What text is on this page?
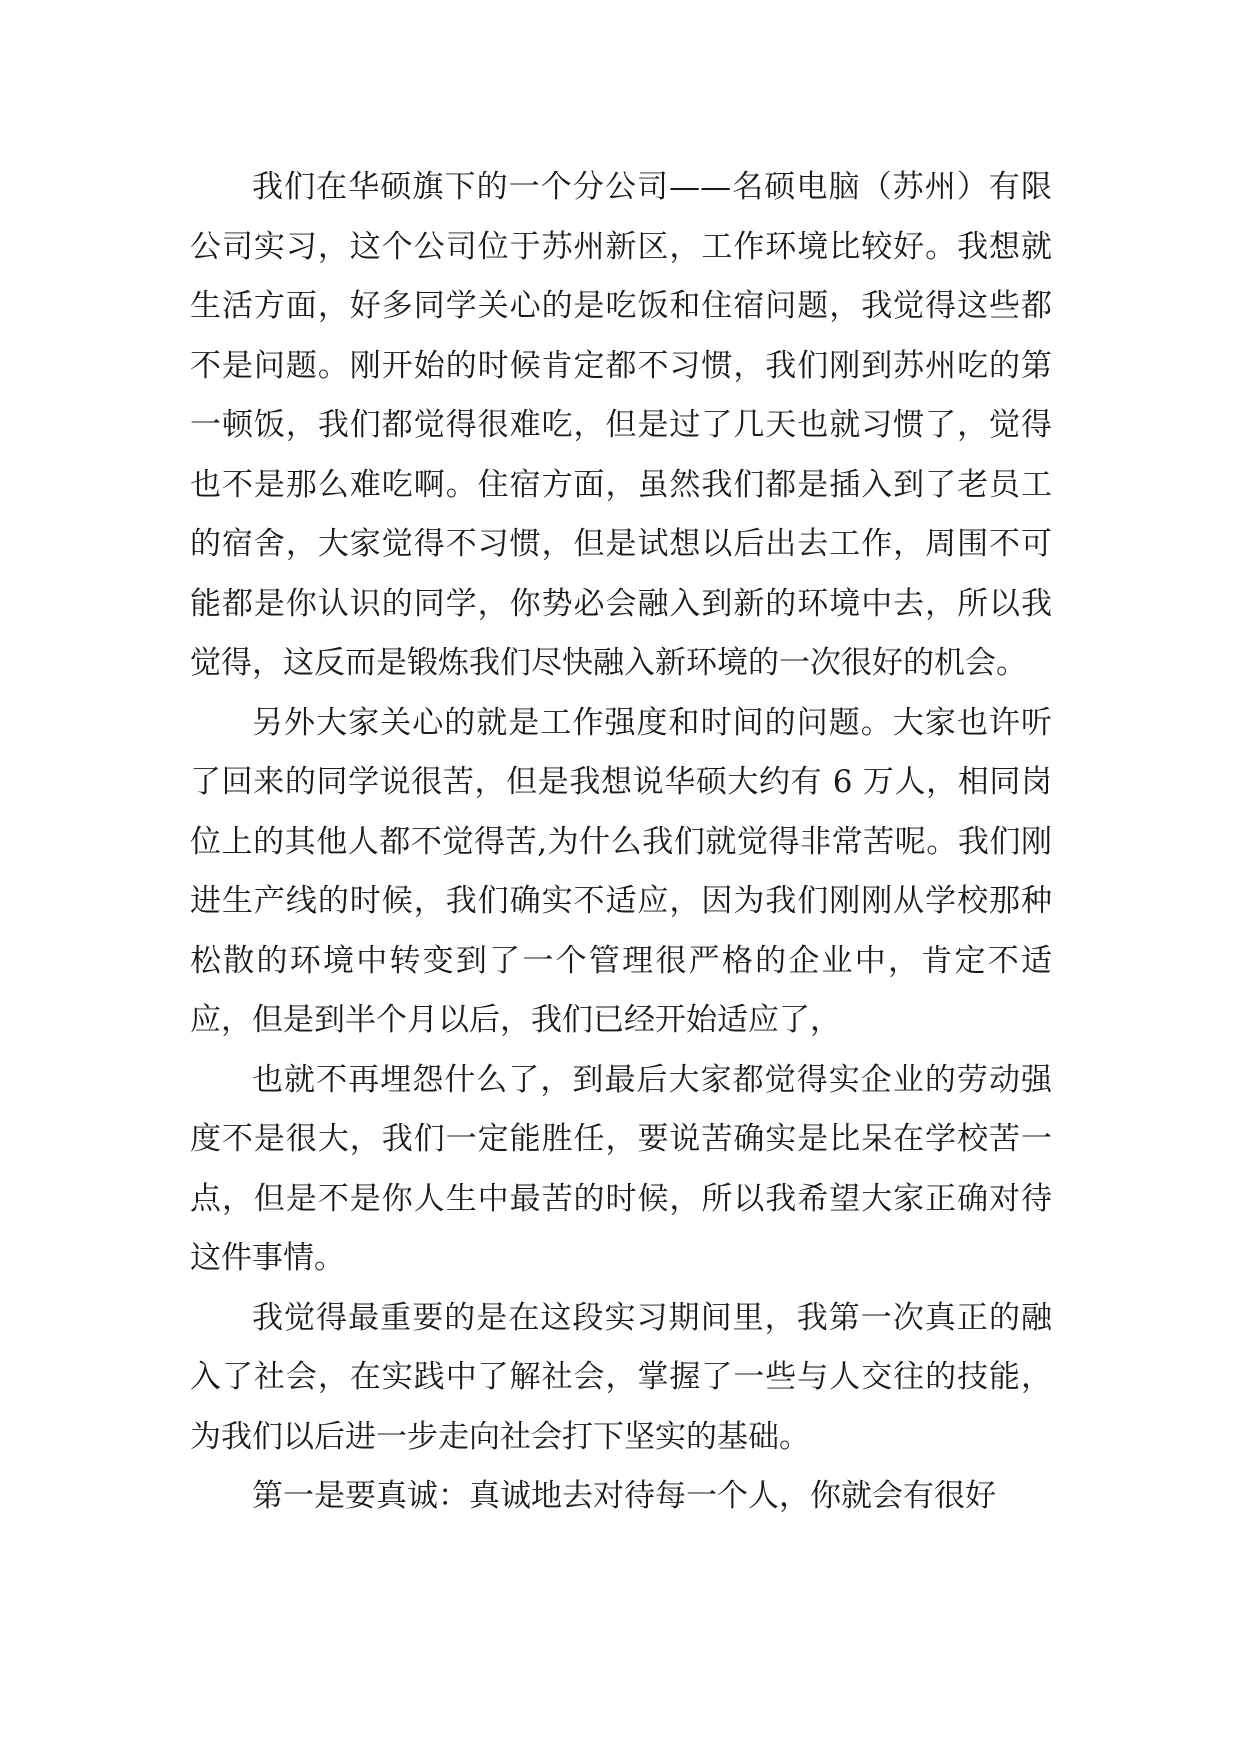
我们在华硕旗下的一个分公司——名硕电脑（苏州）有限公司实习，这个公司位于苏州新区，工作环境比较好。我想就生活方面，好多同学关心的是吃饭和住宿问题，我觉得这些都不是问题。刚开始的时候肯定都不习惯，我们刚到苏州吃的第一顿饭，我们都觉得很难吃，但是过了几天也就习惯了，觉得也不是那么难吃啊。住宿方面，虽然我们都是插入到了老员工的宿舍，大家觉得不习惯，但是试想以后出去工作，周围不可能都是你认识的同学，你势必会融入到新的环境中去，所以我觉得，这反而是锻炼我们尽快融入新环境的一次很好的机会。

另外大家关心的就是工作强度和时间的问题。大家也许听了回来的同学说很苦，但是我想说华硕大约有 6 万人，相同岗位上的其他人都不觉得苦,为什么我们就觉得非常苦呢。我们刚进生产线的时候，我们确实不适应，因为我们刚刚从学校那种松散的环境中转变到了一个管理很严格的企业中，肯定不适应，但是到半个月以后，我们已经开始适应了，

也就不再埋怨什么了，到最后大家都觉得实企业的劳动强度不是很大，我们一定能胜任，要说苦确实是比呆在学校苦一点，但是不是你人生中最苦的时候，所以我希望大家正确对待这件事情。

我觉得最重要的是在这段实习期间里，我第一次真正的融入了社会，在实践中了解社会，掌握了一些与人交往的技能，为我们以后进一步走向社会打下坚实的基础。

第一是要真诚：真诚地去对待每一个人，你就会有很好
